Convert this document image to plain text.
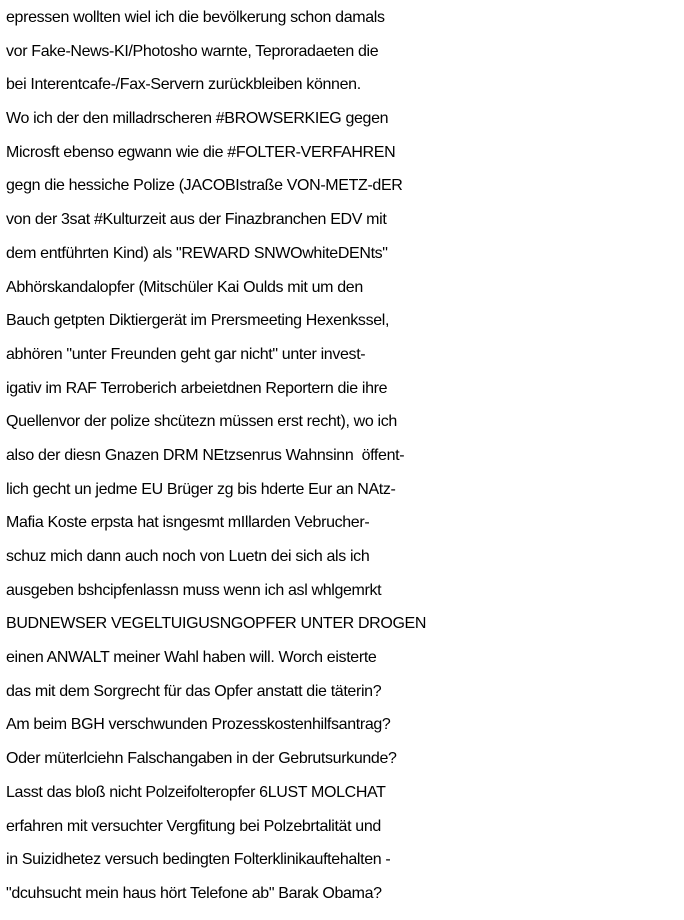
epressen wollten wiel ich die bevölkerung schon damals
vor Fake-News-KI/Photosho warnte, Teproradaeten die
bei Interentcafe-/Fax-Servern zurückbleiben können.
Wo ich der den milladrscheren #BROWSERKIEG gegen
Microsft ebenso egwann wie die #FOLTER-VERFAHREN
gegn die hessiche Polize (JACOBIstraße VON-METZ-dER
von der 3sat #Kulturzeit aus der Finazbranchen EDV mit
dem entführten Kind) als "REWARD SNWOwhiteDENts"
Abhörskandalopfer (Mitschüler Kai Oulds mit um den
Bauch getpten Diktiergerät im Prersmeeting Hexenkssel,
abhören "unter Freunden geht gar nicht" unter invest-
igativ im RAF Terroberich arbeietdnen Reportern die ihre
Quellenvor der polize shcütezn müssen erst recht), wo ich
also der diesn Gnazen DRM NEtzsenrus Wahnsinn  öffent-
lich gecht un jedme EU Brüger zg bis hderte Eur an NAtz-
Mafia Koste erpsta hat isngesmt mIllarden Vebrucher-
schuz mich dann auch noch von Luetn dei sich als ich
ausgeben bshcipfenlassn muss wenn ich asl whlgemrkt
BUDNEWSER VEGELTUIGUSNGOPFER UNTER DROGEN
einen ANWALT meiner Wahl haben will. Worch eisterte
das mit dem Sorgrecht für das Opfer anstatt die täterin?
Am beim BGH verschwunden Prozesskostenhilfsantrag?
Oder müterlciehn Falschangaben in der Gebrutsurkunde?
Lasst das bloß nicht Polzeifolteropfer 6LUST MOLCHAT
erfahren mit versuchter Vergfitung bei Polzebrtalität und
in Suizidhetez versuch bedingten Folterklinikauftehalten -
"dcuhsucht mein haus hört Telefone ab" Barak Obama?
